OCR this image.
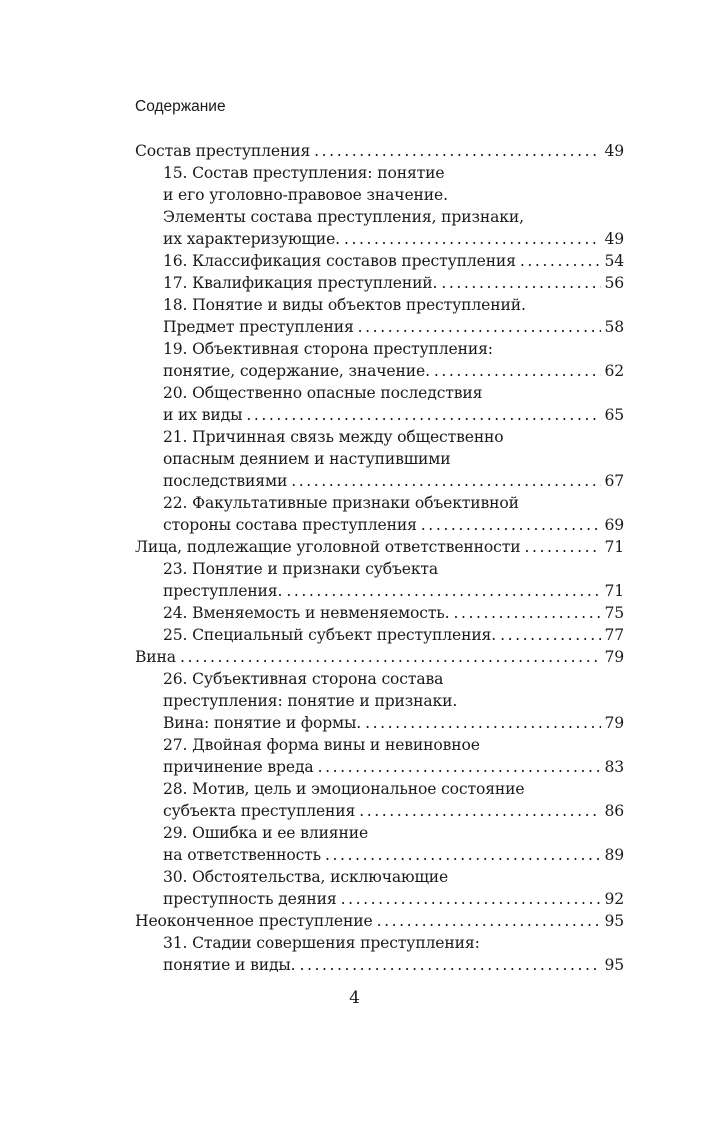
Содержание
Состав преступления . . .	49
15. Состав преступления: понятие
и его уголовно-правовое значение.
Элементы состава преступления, признаки,
их характеризующие. . . .	49
16. Классификация составов преступления . . .	54
17. Квалификация преступлений. . . .	56
18. Понятие и виды объектов преступлений.
Предмет преступления . . .	58
19. Объективная сторона преступления:
понятие, содержание, значение. . . .	62
20. Общественно опасные последствия
и их виды . . .	65
21. Причинная связь между общественно
опасным деянием и наступившими
последствиями . . .	67
22. Факультативные признаки объективной
стороны состава преступления . . .	69
Лица, подлежащие уголовной ответственности . . .	71
23. Понятие и признаки субъекта
преступления. . . .	71
24. Вменяемость и невменяемость. . . .	75
25. Специальный субъект преступления. . . .	77
Вина . . .	79
26. Субъективная сторона состава
преступления: понятие и признаки.
Вина: понятие и формы. . . .	79
27. Двойная форма вины и невиновное
причинение вреда . . .	83
28. Мотив, цель и эмоциональное состояние
субъекта преступления . . .	86
29. Ошибка и ее влияние
на ответственность . . .	89
30. Обстоятельства, исключающие
преступность деяния . . .	92
Неоконченное преступление . . .	95
31. Стадии совершения преступления:
понятие и виды. . . .	95
4
